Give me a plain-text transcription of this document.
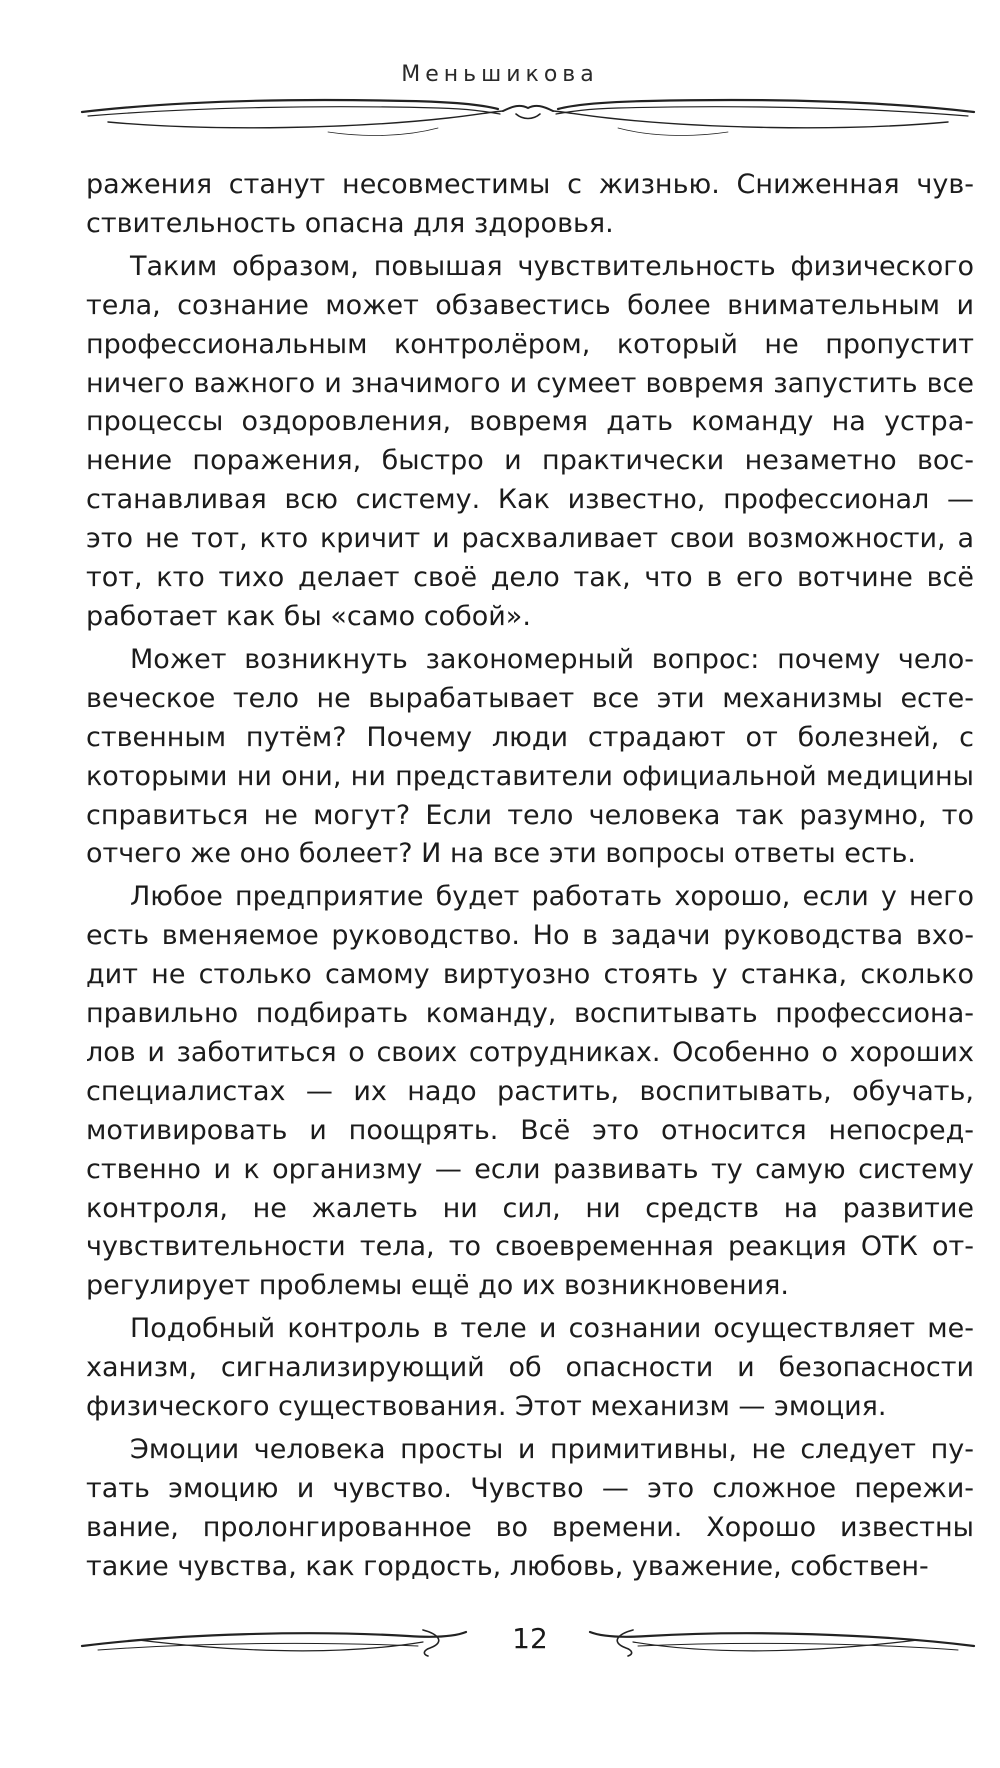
Меньшикова

ражения станут несовместимы с жизнью. Сниженная чувствительность опасна для здоровья.

Таким образом, повышая чувствительность физического тела, сознание может обзавестись более внимательным и профессиональным контролёром, который не пропустит ничего важного и значимого и сумеет вовремя запустить все процессы оздоровления, вовремя дать команду на устранение поражения, быстро и практически незаметно восстанавливая всю систему. Как известно, профессионал — это не тот, кто кричит и расхваливает свои возможности, а тот, кто тихо делает своё дело так, что в его вотчине всё работает как бы «само собой».

Может возникнуть закономерный вопрос: почему человеческое тело не вырабатывает все эти механизмы естественным путём? Почему люди страдают от болезней, с которыми ни они, ни представители официальной медицины справиться не могут? Если тело человека так разумно, то отчего же оно болеет? И на все эти вопросы ответы есть.

Любое предприятие будет работать хорошо, если у него есть вменяемое руководство. Но в задачи руководства входит не столько самому виртуозно стоять у станка, сколько правильно подбирать команду, воспитывать профессионалов и заботиться о своих сотрудниках. Особенно о хороших специалистах — их надо растить, воспитывать, обучать, мотивировать и поощрять. Всё это относится непосредственно и к организму — если развивать ту самую систему контроля, не жалеть ни сил, ни средств на развитие чувствительности тела, то своевременная реакция ОТК отрегулирует проблемы ещё до их возникновения.

Подобный контроль в теле и сознании осуществляет механизм, сигнализирующий об опасности и безопасности физического существования. Этот механизм — эмоция.

Эмоции человека просты и примитивны, не следует путать эмоцию и чувство. Чувство — это сложное переживание, пролонгированное во времени. Хорошо известны такие чувства, как гордость, любовь, уважение, собствен-

12
